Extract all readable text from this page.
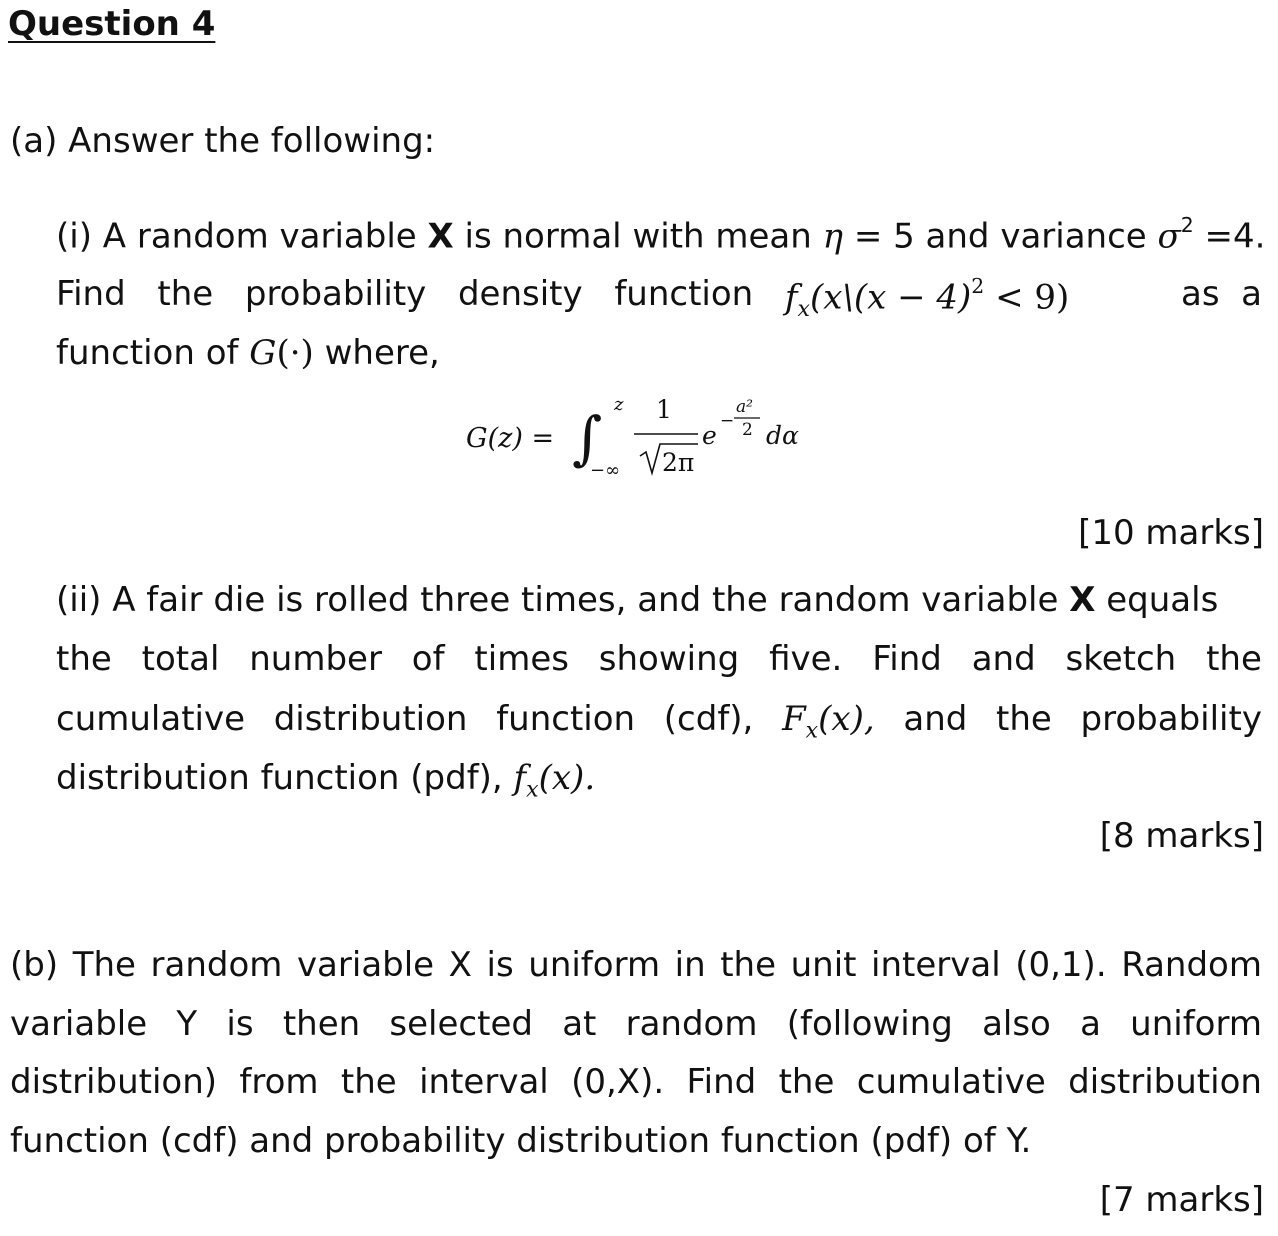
Question 4
(a) Answer the following:
(i) A random variable X is normal with mean η = 5 and variance $\sigma^2 =4$.
Find the probability density function $f_x(x\backslash(x - 4)^2 < 9)$	as  a
function of G(·) where,
G(z) = ∫ z
−∞
1
2π
e −
a²
2 dα
[10 marks]
(ii) A fair die is rolled three times, and the random variable X equals
the total number of times showing five. Find and sketch the
cumulative distribution function (cdf), $F_x(x)$, and the probability
distribution function (pdf), $f_x(x)$.
[8 marks]
(b) The random variable X is uniform in the unit interval (0,1). Random
variable Y is then selected at random (following also a uniform
distribution) from the interval (0,X). Find the cumulative distribution
function (cdf) and probability distribution function (pdf) of Y.
[7 marks]
